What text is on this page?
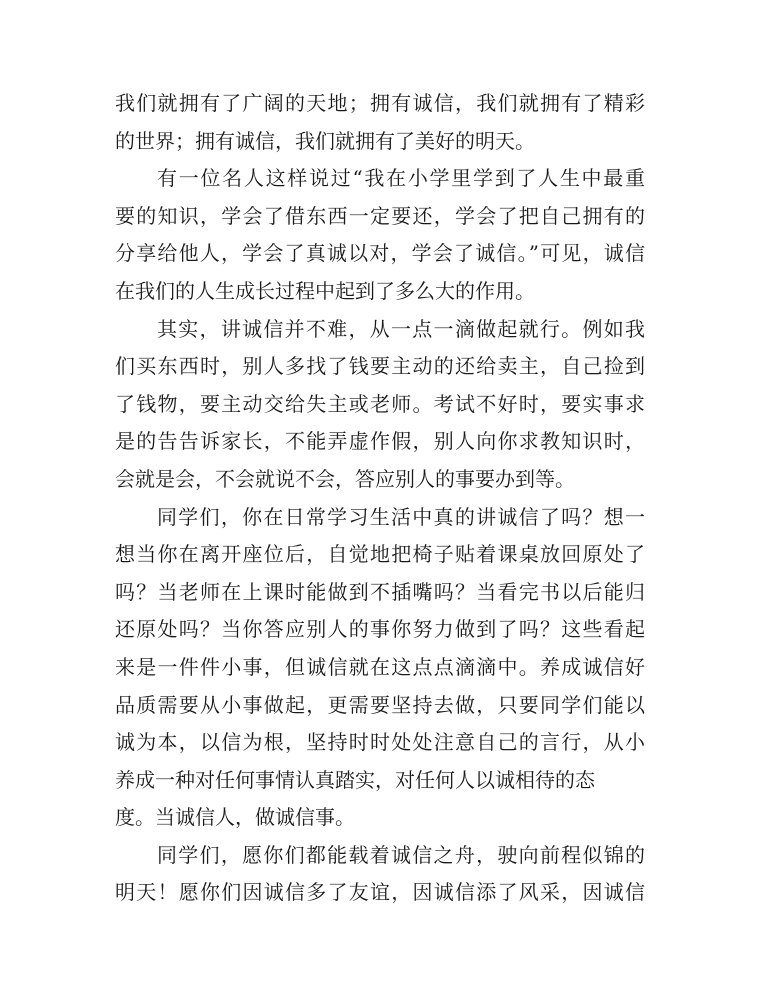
我们就拥有了广阔的天地；拥有诚信，我们就拥有了精彩
的世界；拥有诚信，我们就拥有了美好的明天。
有一位名人这样说过“我在小学里学到了人生中最重
要的知识，学会了借东西一定要还，学会了把自己拥有的
分享给他人，学会了真诚以对，学会了诚信。”可见，诚信
在我们的人生成长过程中起到了多么大的作用。
其实，讲诚信并不难，从一点一滴做起就行。例如我
们买东西时，别人多找了钱要主动的还给卖主，自己捡到
了钱物，要主动交给失主或老师。考试不好时，要实事求
是的告告诉家长，不能弄虚作假，别人向你求教知识时，
会就是会，不会就说不会，答应别人的事要办到等。
同学们，你在日常学习生活中真的讲诚信了吗？想一
想当你在离开座位后，自觉地把椅子贴着课桌放回原处了
吗？当老师在上课时能做到不插嘴吗？当看完书以后能归
还原处吗？当你答应别人的事你努力做到了吗？这些看起
来是一件件小事，但诚信就在这点点滴滴中。养成诚信好
品质需要从小事做起，更需要坚持去做，只要同学们能以
诚为本，以信为根，坚持时时处处注意自己的言行，从小
养成一种对任何事情认真踏实，对任何人以诚相待的态
度。当诚信人，做诚信事。
同学们，愿你们都能载着诚信之舟，驶向前程似锦的
明天！愿你们因诚信多了友谊，因诚信添了风采，因诚信
